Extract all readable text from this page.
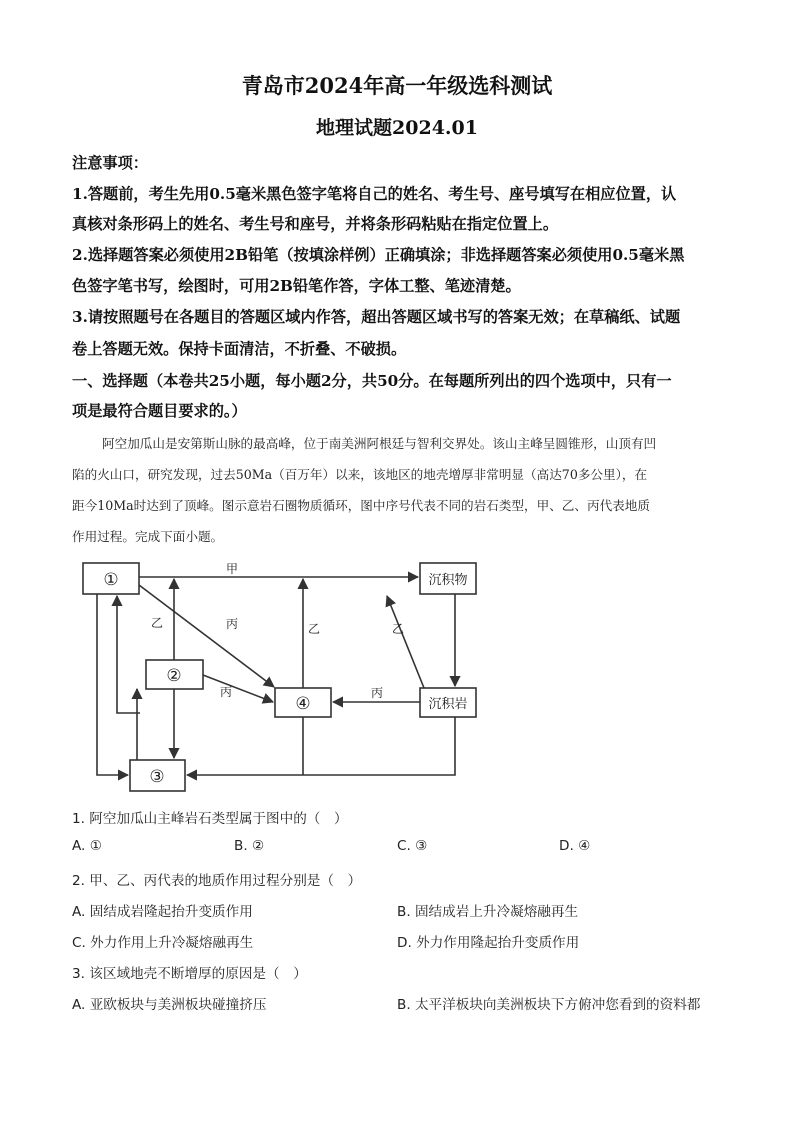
青岛市2024年高一年级选科测试
地理试题2024.01
注意事项：
1.答题前，考生先用0.5毫米黑色签字笔将自己的姓名、考生号、座号填写在相应位置，认
真核对条形码上的姓名、考生号和座号，并将条形码粘贴在指定位置上。
2.选择题答案必须使用2B铅笔（按填涂样例）正确填涂；非选择题答案必须使用0.5毫米黑
色签字笔书写，绘图时，可用2B铅笔作答，字体工整、笔迹清楚。
3.请按照题号在各题目的答题区域内作答，超出答题区域书写的答案无效；在草稿纸、试题
卷上答题无效。保持卡面清洁，不折叠、不破损。
一、选择题（本卷共25小题，每小题2分，共50分。在每题所列出的四个选项中，只有一
项是最符合题目要求的。）
阿空加瓜山是安第斯山脉的最高峰，位于南美洲阿根廷与智利交界处。该山主峰呈圆锥形，山顶有凹
陷的火山口，研究发现，过去50Ma（百万年）以来，该地区的地壳增厚非常明显（高达70多公里），在
距今10Ma时达到了顶峰。图示意岩石圈物质循环，图中序号代表不同的岩石类型，甲、乙、丙代表地质
作用过程。完成下面小题。
①
②
③
④
沉积物
沉积岩
甲
乙	乙	乙
丙
丙	丙
1. 阿空加瓜山主峰岩石类型属于图中的（　）
A. ①	B. ②	C. ③	D. ④
2. 甲、乙、丙代表的地质作用过程分别是（　）
A. 固结成岩隆起抬升变质作用	B. 固结成岩上升冷凝熔融再生
C. 外力作用上升冷凝熔融再生	D. 外力作用隆起抬升变质作用
3. 该区域地壳不断增厚的原因是（　）
A. 亚欧板块与美洲板块碰撞挤压	B. 太平洋板块向美洲板块下方俯冲您看到的资料都
